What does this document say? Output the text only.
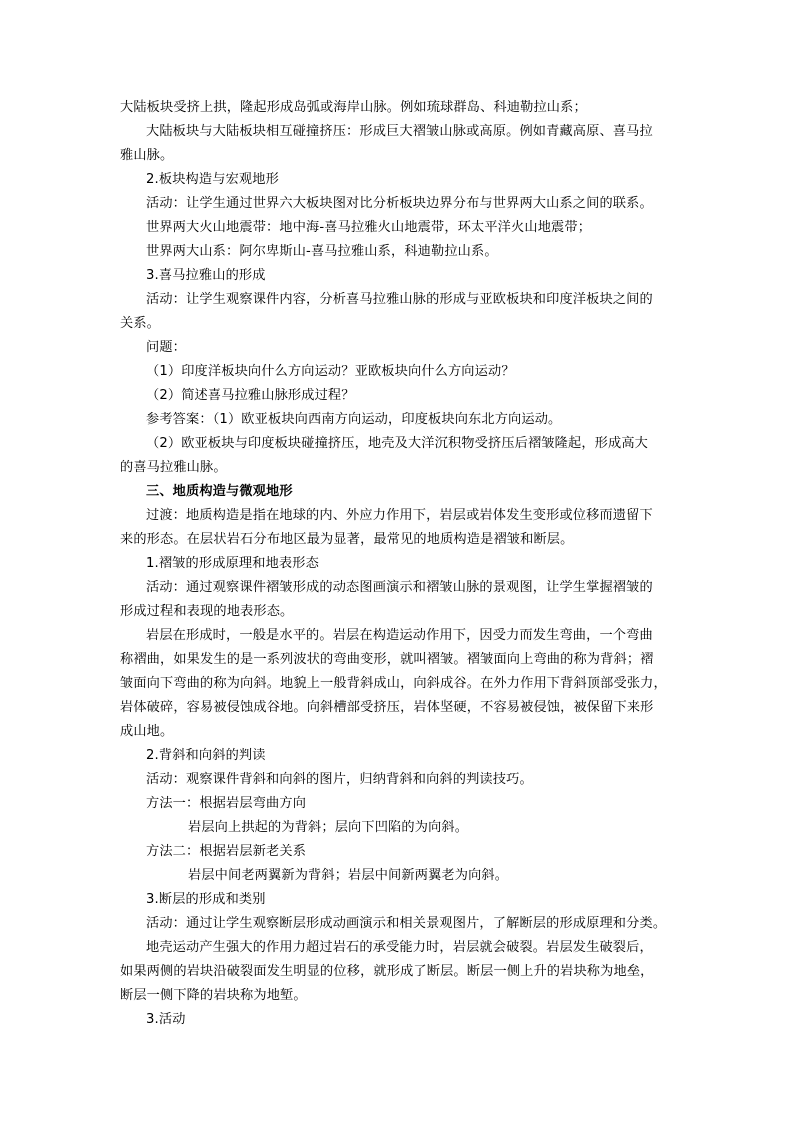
大陆板块受挤上拱，隆起形成岛弧或海岸山脉。例如琉球群岛、科迪勒拉山系；
大陆板块与大陆板块相互碰撞挤压：形成巨大褶皱山脉或高原。例如青藏高原、喜马拉
雅山脉。
2.板块构造与宏观地形
活动：让学生通过世界六大板块图对比分析板块边界分布与世界两大山系之间的联系。
世界两大火山地震带：地中海-喜马拉雅火山地震带，环太平洋火山地震带；
世界两大山系：阿尔卑斯山-喜马拉雅山系，科迪勒拉山系。
3.喜马拉雅山的形成
活动：让学生观察课件内容，分析喜马拉雅山脉的形成与亚欧板块和印度洋板块之间的
关系。
问题：
（1）印度洋板块向什么方向运动？亚欧板块向什么方向运动？
（2）简述喜马拉雅山脉形成过程？
参考答案：（1）欧亚板块向西南方向运动，印度板块向东北方向运动。
（2）欧亚板块与印度板块碰撞挤压，地壳及大洋沉积物受挤压后褶皱隆起，形成高大
的喜马拉雅山脉。
三、地质构造与微观地形
过渡：地质构造是指在地球的内、外应力作用下，岩层或岩体发生变形或位移而遗留下
来的形态。在层状岩石分布地区最为显著，最常见的地质构造是褶皱和断层。
1.褶皱的形成原理和地表形态
活动：通过观察课件褶皱形成的动态图画演示和褶皱山脉的景观图，让学生掌握褶皱的
形成过程和表现的地表形态。
岩层在形成时，一般是水平的。岩层在构造运动作用下，因受力而发生弯曲，一个弯曲
称褶曲，如果发生的是一系列波状的弯曲变形，就叫褶皱。褶皱面向上弯曲的称为背斜；褶
皱面向下弯曲的称为向斜。地貌上一般背斜成山，向斜成谷。在外力作用下背斜顶部受张力，
岩体破碎，容易被侵蚀成谷地。向斜槽部受挤压，岩体坚硬，不容易被侵蚀，被保留下来形
成山地。
2.背斜和向斜的判读
活动：观察课件背斜和向斜的图片，归纳背斜和向斜的判读技巧。
方法一：根据岩层弯曲方向
岩层向上拱起的为背斜；层向下凹陷的为向斜。
方法二：根据岩层新老关系
岩层中间老两翼新为背斜；岩层中间新两翼老为向斜。
3.断层的形成和类别
活动：通过让学生观察断层形成动画演示和相关景观图片，了解断层的形成原理和分类。
地壳运动产生强大的作用力超过岩石的承受能力时，岩层就会破裂。岩层发生破裂后，
如果两侧的岩块沿破裂面发生明显的位移，就形成了断层。断层一侧上升的岩块称为地垒，
断层一侧下降的岩块称为地堑。
3.活动
